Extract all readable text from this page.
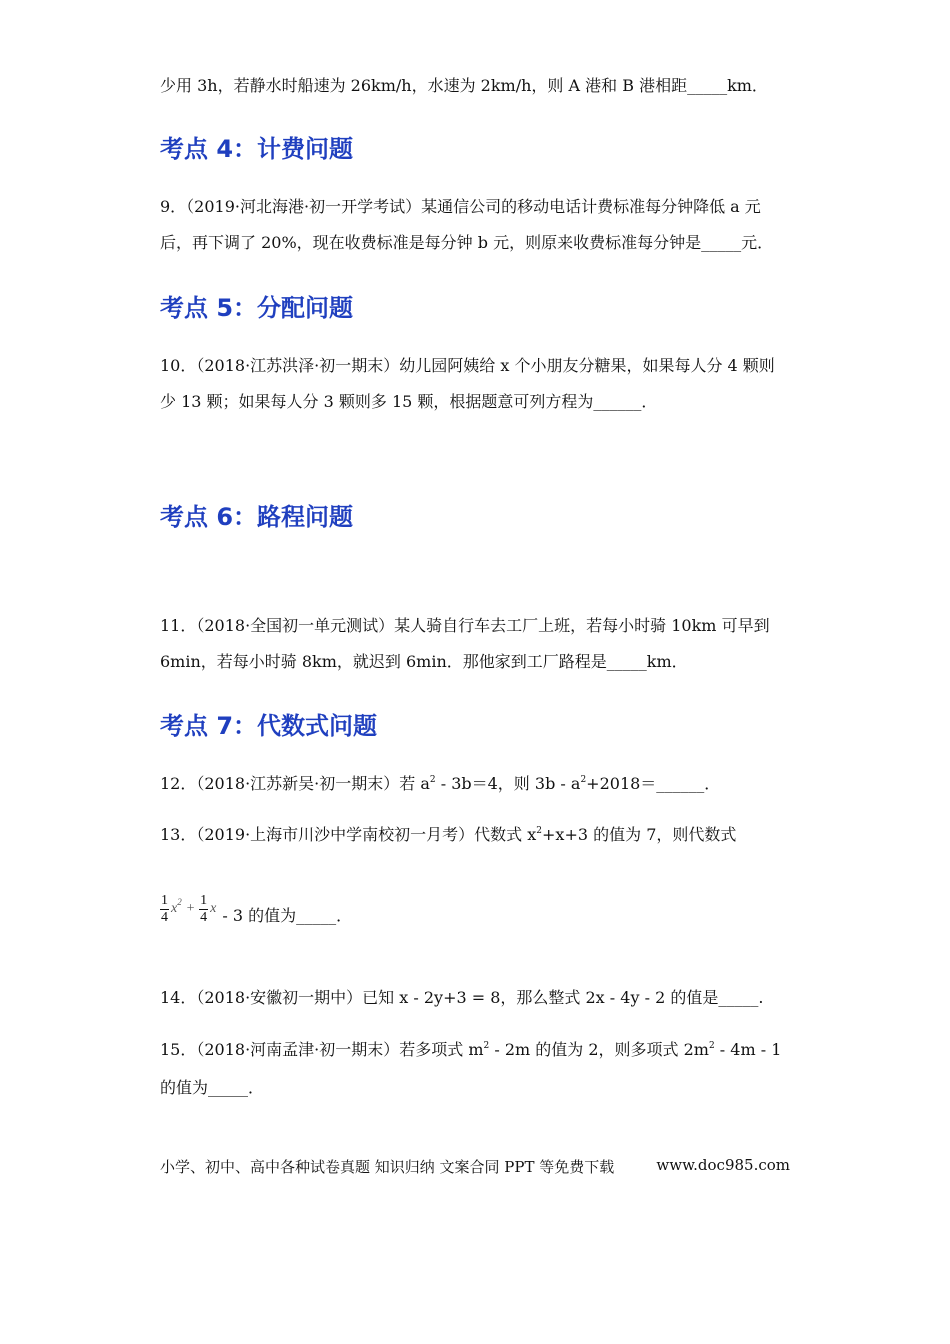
少用 3h，若静水时船速为 26km/h，水速为 2km/h，则 A 港和 B 港相距_____km．
考点 4：计费问题
9．（2019·河北海港·初一开学考试）某通信公司的移动电话计费标准每分钟降低 a 元
后，再下调了 20%，现在收费标准是每分钟 b 元，则原来收费标准每分钟是_____元．
考点 5：分配问题
10．（2018·江苏洪泽·初一期末）幼儿园阿姨给 x 个小朋友分糖果，如果每人分 4 颗则
少 13 颗；如果每人分 3 颗则多 15 颗，根据题意可列方程为______．
考点 6：路程问题
11．（2018·全国初一单元测试）某人骑自行车去工厂上班，若每小时骑 10km 可早到
6min，若每小时骑 8km，就迟到 6min．那他家到工厂路程是_____km．
考点 7：代数式问题
12．（2018·江苏新吴·初一期末）若 $a^2 - 3b=4$，则 $3b - a^2+2018=\_\_\_\_\_\_$．
13．（2019·上海市川沙中学南校初一月考）代数式 $x^2+x+3$ 的值为 7，则代数式
$\frac{1}{4} x^2 + \frac{1}{4}$ x - 3 的值为_____．
14．（2018·安徽初一期中）已知 x - 2y+3 = 8，那么整式 2x - 4y - 2 的值是_____.
15．（2018·河南孟津·初一期末）若多项式 $m^2 - 2m$ 的值为 2，则多项式 $2m^2 - 4m - 1$
的值为_____．
小学、初中、高中各种试卷真题 知识归纳 文案合同 PPT 等免费下载	www.doc985.com
